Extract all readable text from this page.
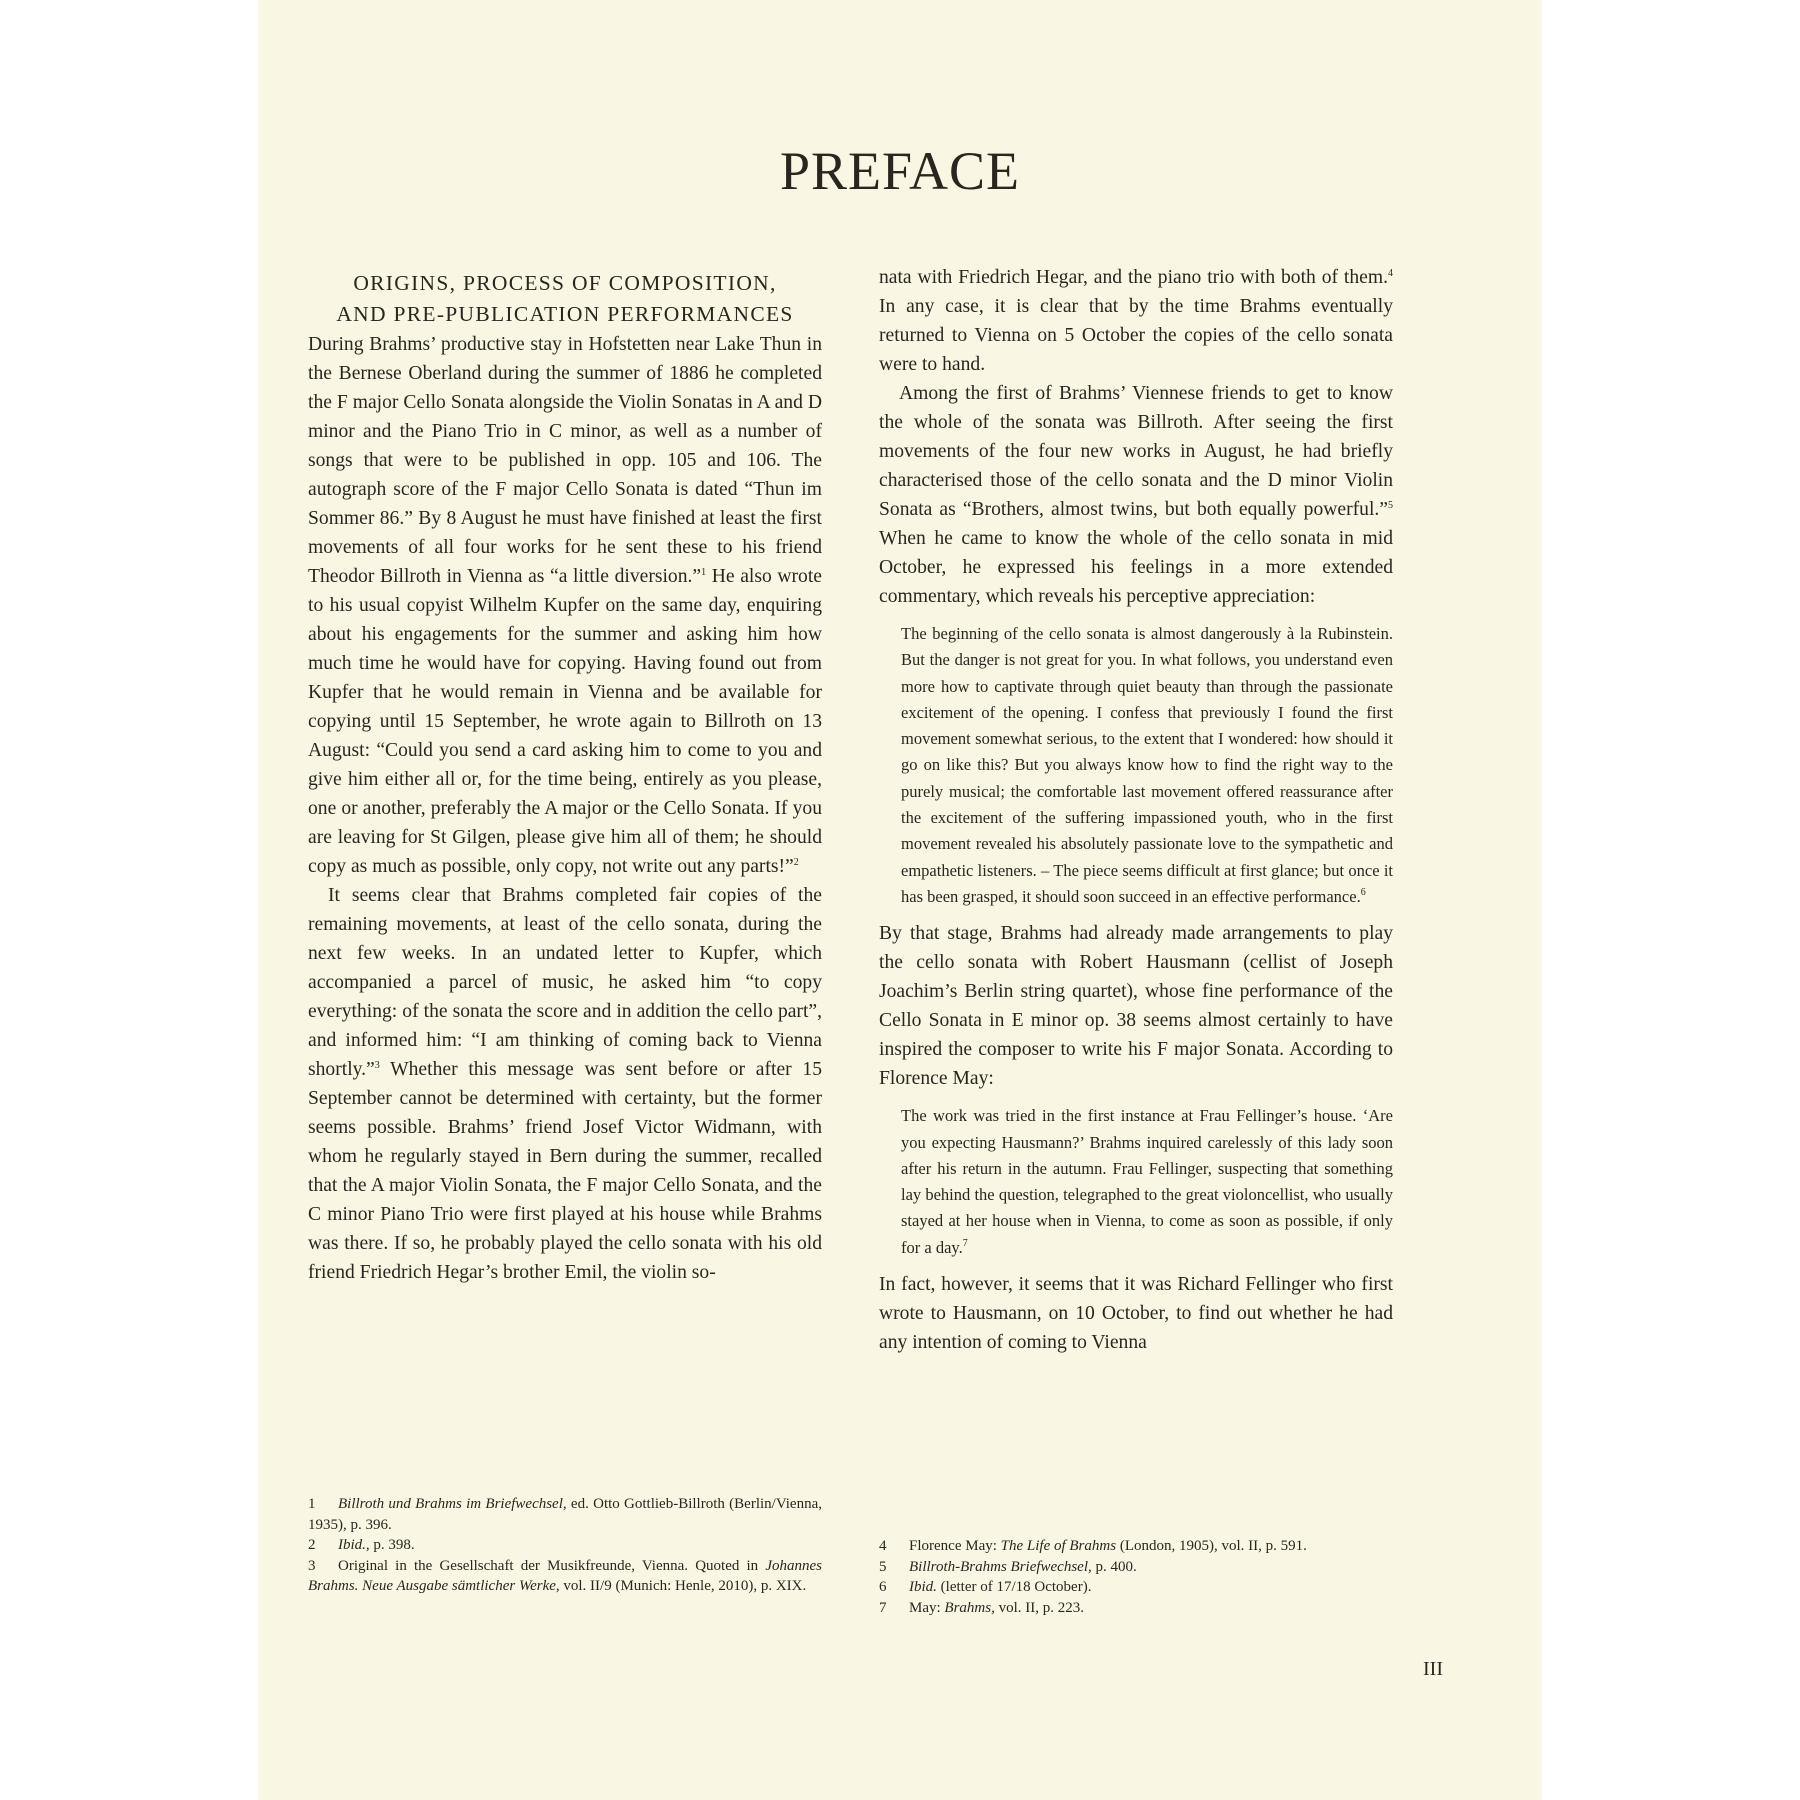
PREFACE
ORIGINS, PROCESS OF COMPOSITION,
AND PRE-PUBLICATION PERFORMANCES

During Brahms’ productive stay in Hofstetten near Lake Thun in the Bernese Oberland during the summer of 1886 he completed the F major Cello Sonata alongside the Violin Sonatas in A and D minor and the Piano Trio in C minor, as well as a number of songs that were to be published in opp. 105 and 106. The autograph score of the F major Cello Sonata is dated “Thun im Sommer 86.” By 8 August he must have finished at least the first movements of all four works for he sent these to his friend Theodor Billroth in Vienna as “a little diversion.”$^1$ He also wrote to his usual copyist Wilhelm Kupfer on the same day, enquiring about his engagements for the summer and asking him how much time he would have for copying. Having found out from Kupfer that he would remain in Vienna and be available for copying until 15 September, he wrote again to Billroth on 13 August: “Could you send a card asking him to come to you and give him either all or, for the time being, entirely as you please, one or another, preferably the A major or the Cello Sonata. If you are leaving for St Gilgen, please give him all of them; he should copy as much as possible, only copy, not write out any parts!”$^2$

It seems clear that Brahms completed fair copies of the remaining movements, at least of the cello sonata, during the next few weeks. In an undated letter to Kupfer, which accompanied a parcel of music, he asked him “to copy everything: of the sonata the score and in addition the cello part”, and informed him: “I am thinking of coming back to Vienna shortly.”$^3$ Whether this message was sent before or after 15 September cannot be determined with certainty, but the former seems possible. Brahms’ friend Josef Victor Widmann, with whom he regularly stayed in Bern during the summer, recalled that the A major Violin Sonata, the F major Cello Sonata, and the C minor Piano Trio were first played at his house while Brahms was there. If so, he probably played the cello sonata with his old friend Friedrich Hegar’s brother Emil, the violin so-

nata with Friedrich Hegar, and the piano trio with both of them.$^4$ In any case, it is clear that by the time Brahms eventually returned to Vienna on 5 October the copies of the cello sonata were to hand.

Among the first of Brahms’ Viennese friends to get to know the whole of the sonata was Billroth. After seeing the first movements of the four new works in August, he had briefly characterised those of the cello sonata and the D minor Violin Sonata as “Brothers, almost twins, but both equally powerful.”$^5$ When he came to know the whole of the cello sonata in mid October, he expressed his feelings in a more extended commentary, which reveals his perceptive appreciation:

The beginning of the cello sonata is almost dangerously à la Rubinstein. But the danger is not great for you. In what follows, you understand even more how to captivate through quiet beauty than through the passionate excitement of the opening. I confess that previously I found the first movement somewhat serious, to the extent that I wondered: how should it go on like this? But you always know how to find the right way to the purely musical; the comfortable last movement offered reassurance after the excitement of the suffering impassioned youth, who in the first movement revealed his absolutely passionate love to the sympathetic and empathetic listeners. – The piece seems difficult at first glance; but once it has been grasped, it should soon succeed in an effective performance.$^6$

By that stage, Brahms had already made arrangements to play the cello sonata with Robert Hausmann (cellist of Joseph Joachim’s Berlin string quartet), whose fine performance of the Cello Sonata in E minor op. 38 seems almost certainly to have inspired the composer to write his F major Sonata. According to Florence May:

The work was tried in the first instance at Frau Fellinger’s house. ‘Are you expecting Hausmann?’ Brahms inquired carelessly of this lady soon after his return in the autumn. Frau Fellinger, suspecting that something lay behind the question, telegraphed to the great violoncellist, who usually stayed at her house when in Vienna, to come as soon as possible, if only for a day.$^7$

In fact, however, it seems that it was Richard Fellinger who first wrote to Hausmann, on 10 October, to find out whether he had any intention of coming to Vienna

1 Billroth und Brahms im Briefwechsel, ed. Otto Gottlieb-Billroth (Berlin/Vienna, 1935), p. 396.

2 Ibid., p. 398.

3 Original in the Gesellschaft der Musikfreunde, Vienna. Quoted in Johannes Brahms. Neue Ausgabe sämtlicher Werke, vol. II/9 (Munich: Henle, 2010), p. XIX.

4 Florence May: The Life of Brahms (London, 1905), vol. II, p. 591.

5 Billroth-Brahms Briefwechsel, p. 400.

6 Ibid. (letter of 17/18 October).

7 May: Brahms, vol. II, p. 223.

III
